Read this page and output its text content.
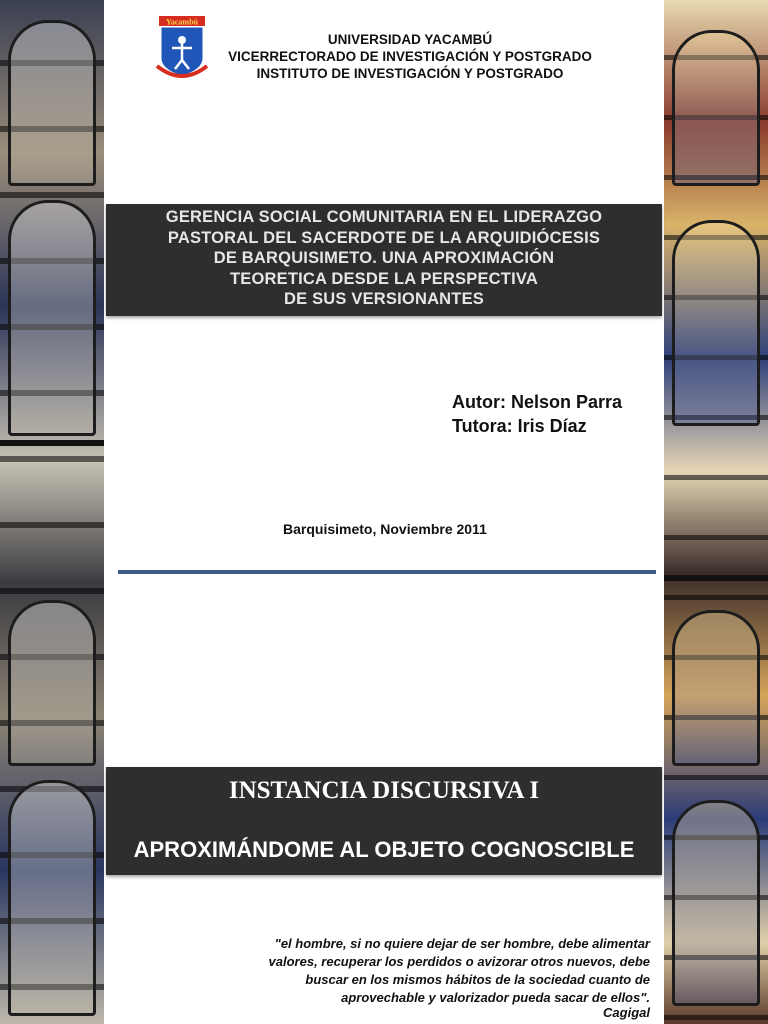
Yacambú
UNIVERSIDAD YACAMBÚ
VICERRECTORADO DE INVESTIGACIÓN Y POSTGRADO
INSTITUTO DE INVESTIGACIÓN Y POSTGRADO

GERENCIA SOCIAL COMUNITARIA EN EL LIDERAZGO
PASTORAL DEL SACERDOTE DE LA ARQUIDIÓCESIS
DE BARQUISIMETO. UNA APROXIMACIÓN
TEORETICA DESDE LA PERSPECTIVA
DE SUS VERSIONANTES

Autor: Nelson Parra
Tutora: Iris Díaz
Barquisimeto, Noviembre 2011
INSTANCIA DISCURSIVA I
APROXIMÁNDOME AL OBJETO COGNOSCIBLE
"el hombre, si no quiere dejar de ser hombre, debe alimentar
valores, recuperar los perdidos o avizorar otros nuevos, debe
buscar en los mismos hábitos de la sociedad cuanto de
aprovechable y valorizador pueda sacar de ellos".
Cagigal
